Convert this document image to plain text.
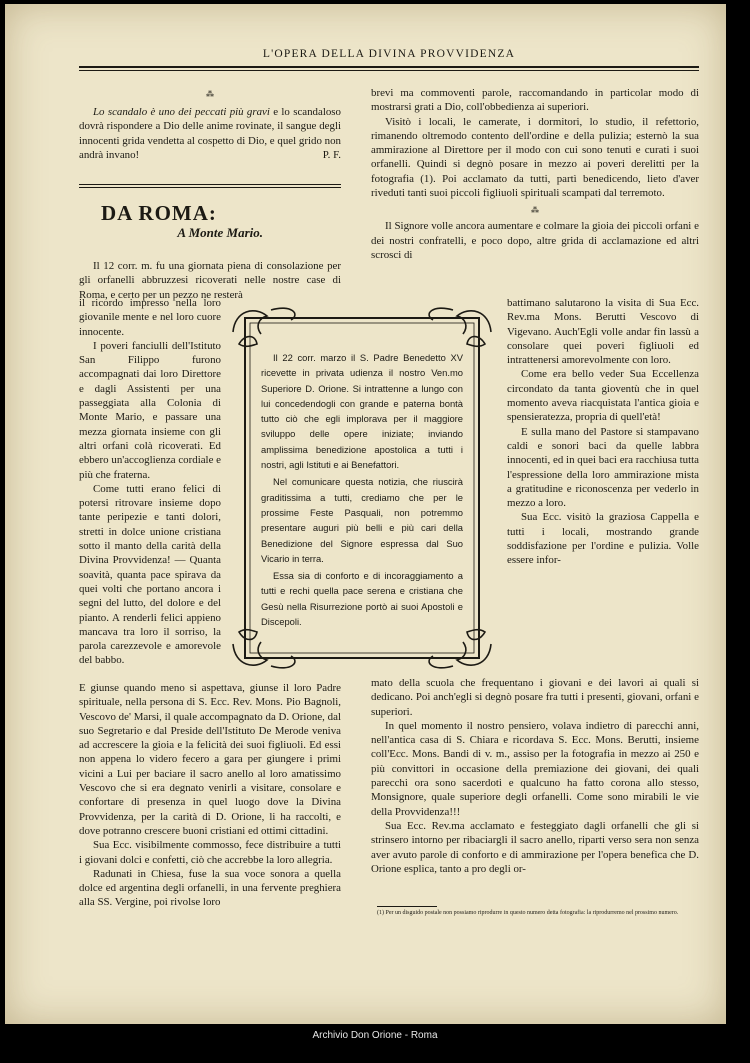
L'OPERA DELLA DIVINA PROVVIDENZA
⁂

Lo scandalo è uno dei peccati più gravi e lo scandaloso dovrà rispondere a Dio delle anime rovinate, il sangue degli innocenti grida vendetta al cospetto di Dio, e quel grido non andrà invano!	P. F.

DA ROMA:
A Monte Mario.

Il 12 corr. m. fu una giornata piena di consolazione per gli orfanelli abbruzzesi ricoverati nelle nostre case di Roma, e certo per un pezzo ne resterà

il ricordo impresso nella loro giovanile mente e nel loro cuore innocente.

I poveri fanciulli dell'Istituto San Filippo furono accompagnati dai loro Direttore e dagli Assistenti per una passeggiata alla Colonia di Monte Mario, e passare una mezza giornata insieme con gli altri orfani colà ricoverati. Ed ebbero un'accoglienza cordiale e più che fraterna.

Come tutti erano felici di potersi ritrovare insieme dopo tante peripezie e tanti dolori, stretti in dolce unione cristiana sotto il manto della carità della Divina Provvidenza! — Quanta soavità, quanta pace spirava da quei volti che portano ancora i segni del lutto, del dolore e del pianto. A renderli felici appieno mancava tra loro il sorriso, la parola carezzevole e amorevole del babbo.

E giunse quando meno si aspettava, giunse il loro Padre spirituale, nella persona di S. Ecc. Rev. Mons. Pio Bagnoli, Vescovo de' Marsi, il quale accompagnato da D. Orione, dal suo Segretario e dal Preside dell'Istituto De Merode veniva ad accrescere la gioia e la felicità dei suoi figliuoli. Ed essi non appena lo videro fecero a gara per giungere i primi vicini a Lui per baciare il sacro anello al loro amatissimo Vescovo che si era degnato venirli a visitare, consolare e confortare di presenza in quel luogo dove la Divina Provvidenza, per la carità di D. Orione, li ha raccolti, e dove potranno crescere buoni cristiani ed ottimi cittadini.

Sua Ecc. visibilmente commosso, fece distribuire a tutti i giovani dolci e confetti, ciò che accrebbe la loro allegria.

Radunati in Chiesa, fuse la sua voce sonora a quella dolce ed argentina degli orfanelli, in una fervente preghiera alla SS. Vergine, poi rivolse loro

brevi ma commoventi parole, raccomandando in particolar modo di mostrarsi grati a Dio, coll'obbedienza ai superiori.

Visitò i locali, le camerate, i dormitori, lo studio, il refettorio, rimanendo oltremodo contento dell'ordine e della pulizia; esternò la sua ammirazione al Direttore per il modo con cui sono tenuti e curati i suoi orfanelli. Quindi si degnò posare in mezzo ai poveri derelitti per la fotografia (1). Poi acclamato da tutti, partì benedicendo, lieto d'aver riveduti tanti suoi piccoli figliuoli spirituali scampati dal terremoto.

⁂

Il Signore volle ancora aumentare e colmare la gioia dei piccoli orfani e dei nostri confratelli, e poco dopo, altre grida di acclamazione ed altri scrosci di

battimano salutarono la visita di Sua Ecc. Rev.ma Mons. Berutti Vescovo di Vigevano. Auch'Egli volle andar fin lassù a consolare quei poveri figliuoli ed intrattenersi amorevolmente con loro.

Come era bello veder Sua Eccellenza circondato da tanta gioventù che in quel momento aveva riacquistata l'antica gioia e spensieratezza, propria di quell'età!

E sulla mano del Pastore si stampavano caldi e sonori baci da quelle labbra innocenti, ed in quei baci era racchiusa tutta l'espressione della loro ammirazione mista a gratitudine e riconoscenza per vederlo in mezzo a loro.

Sua Ecc. visitò la graziosa Cappella e tutti i locali, mostrando grande soddisfazione per l'ordine e pulizia. Volle essere infor-

mato della scuola che frequentano i giovani e dei lavori ai quali si dedicano. Poi anch'egli si degnò posare fra tutti i presenti, giovani, orfani e superiori.

In quel momento il nostro pensiero, volava indietro di parecchi anni, nell'antica casa di S. Chiara e ricordava S. Ecc. Mons. Berutti, insieme coll'Ecc. Mons. Bandi di v. m., assiso per la fotografia in mezzo ai 250 e più convittori in occasione della premiazione dei giovani, dei quali parecchi ora sono sacerdoti e qualcuno ha fatto corona allo stesso, Monsignore, quale superiore degli orfanelli. Come sono mirabili le vie della Provvidenza!!!

Sua Ecc. Rev.ma acclamato e festeggiato dagli orfanelli che gli si strinsero intorno per ribaciargli il sacro anello, riparti verso sera non senza aver avuto parole di conforto e di ammirazione per l'opera benefica che D. Orione esplica, tanto a pro degli or-

Il 22 corr. marzo il S. Padre Benedetto XV ricevette in privata udienza il nostro Ven.mo Superiore D. Orione. Si intrattenne a lungo con lui concedendogli con grande e paterna bontà tutto ciò che egli implorava per il maggiore sviluppo delle opere iniziate; inviando amplissima benedizione apostolica a tutti i nostri, agli Istituti e ai Benefattori.

Nel comunicare questa notizia, che riuscirà graditissima a tutti, crediamo che per le prossime Feste Pasquali, non potremmo presentare auguri più belli e più cari della Benedizione del Signore espressa dal Suo Vicario in terra.

Essa sia di conforto e di incoraggiamento a tutti e rechi quella pace serena e cristiana che Gesù nella Risurrezione portò ai suoi Apostoli e Discepoli.

(1) Per un disguido postale non possiamo riprodurre in questo numero detta fotografia: la riprodurremo nel prossimo numero.
Archivio Don Orione - Roma
